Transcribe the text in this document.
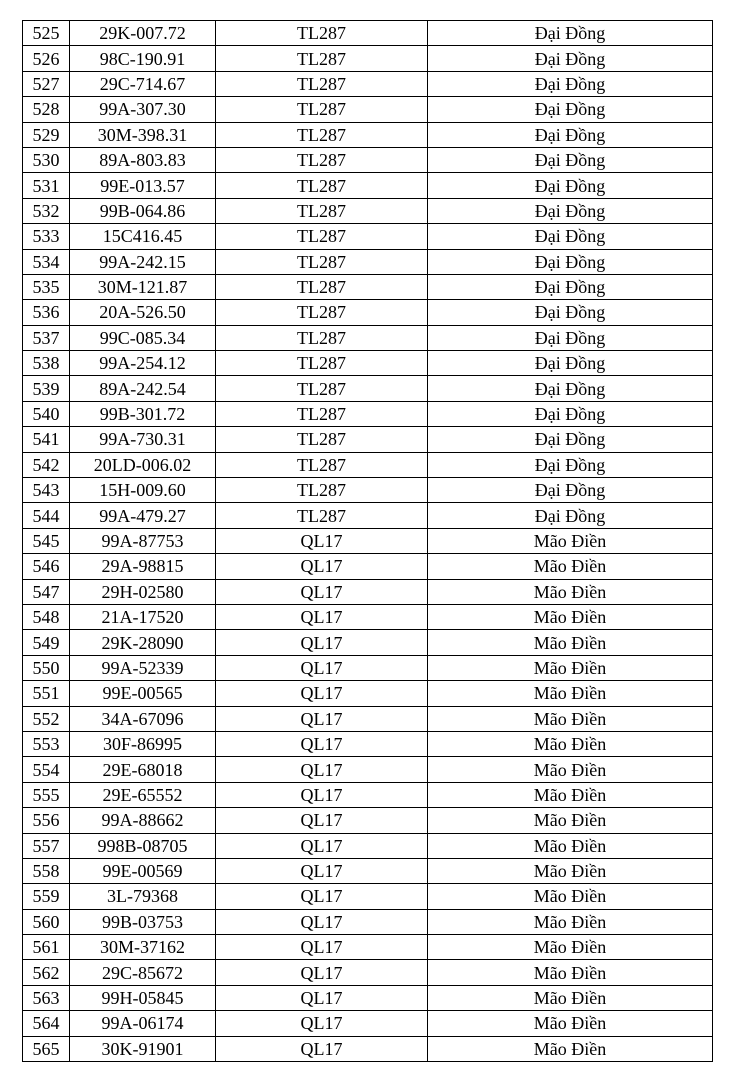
525	29K-007.72	TL287	Đại Đồng
526	98C-190.91	TL287	Đại Đồng
527	29C-714.67	TL287	Đại Đồng
528	99A-307.30	TL287	Đại Đồng
529	30M-398.31	TL287	Đại Đồng
530	89A-803.83	TL287	Đại Đồng
531	99E-013.57	TL287	Đại Đồng
532	99B-064.86	TL287	Đại Đồng
533	15C416.45	TL287	Đại Đồng
534	99A-242.15	TL287	Đại Đồng
535	30M-121.87	TL287	Đại Đồng
536	20A-526.50	TL287	Đại Đồng
537	99C-085.34	TL287	Đại Đồng
538	99A-254.12	TL287	Đại Đồng
539	89A-242.54	TL287	Đại Đồng
540	99B-301.72	TL287	Đại Đồng
541	99A-730.31	TL287	Đại Đồng
542	20LD-006.02	TL287	Đại Đồng
543	15H-009.60	TL287	Đại Đồng
544	99A-479.27	TL287	Đại Đồng
545	99A-87753	QL17	Mão Điền
546	29A-98815	QL17	Mão Điền
547	29H-02580	QL17	Mão Điền
548	21A-17520	QL17	Mão Điền
549	29K-28090	QL17	Mão Điền
550	99A-52339	QL17	Mão Điền
551	99E-00565	QL17	Mão Điền
552	34A-67096	QL17	Mão Điền
553	30F-86995	QL17	Mão Điền
554	29E-68018	QL17	Mão Điền
555	29E-65552	QL17	Mão Điền
556	99A-88662	QL17	Mão Điền
557	998B-08705	QL17	Mão Điền
558	99E-00569	QL17	Mão Điền
559	3L-79368	QL17	Mão Điền
560	99B-03753	QL17	Mão Điền
561	30M-37162	QL17	Mão Điền
562	29C-85672	QL17	Mão Điền
563	99H-05845	QL17	Mão Điền
564	99A-06174	QL17	Mão Điền
565	30K-91901	QL17	Mão Điền
